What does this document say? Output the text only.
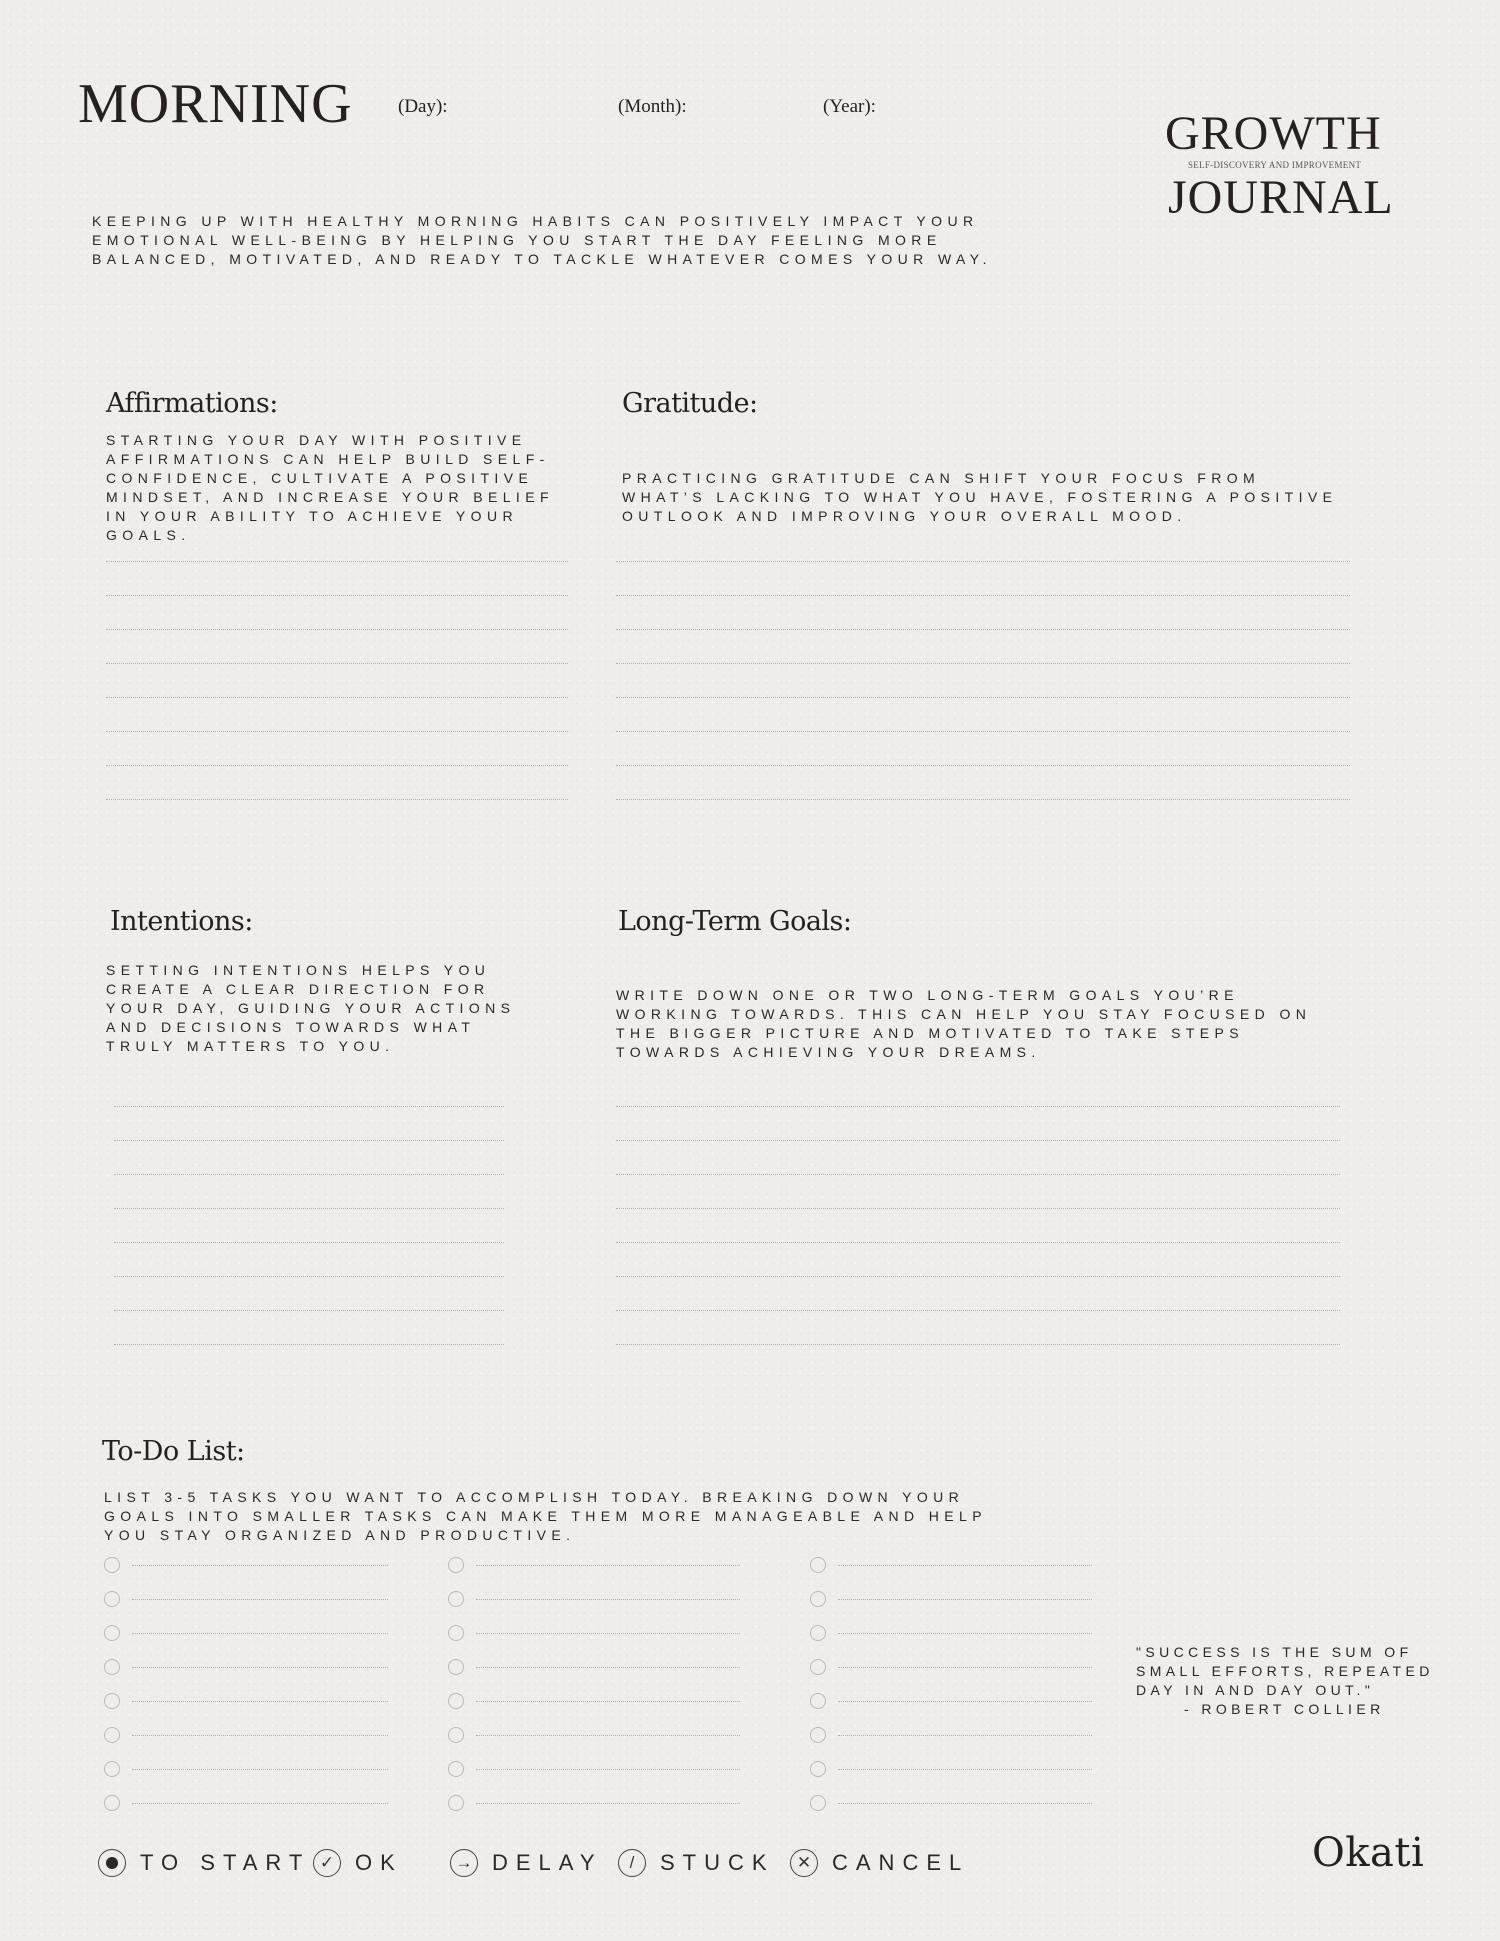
MORNING (Day):	(Month):	(Year):
GROWTH
SELF-DISCOVERY AND IMPROVEMENT
JOURNAL
KEEPING UP WITH HEALTHY MORNING HABITS CAN POSITIVELY IMPACT YOUR EMOTIONAL WELL-BEING BY HELPING YOU START THE DAY FEELING MORE BALANCED, MOTIVATED, AND READY TO TACKLE WHATEVER COMES YOUR WAY.
Affirmations:
STARTING YOUR DAY WITH POSITIVE AFFIRMATIONS CAN HELP BUILD SELF-CONFIDENCE, CULTIVATE A POSITIVE MINDSET, AND INCREASE YOUR BELIEF IN YOUR ABILITY TO ACHIEVE YOUR GOALS.
Gratitude:
PRACTICING GRATITUDE CAN SHIFT YOUR FOCUS FROM WHAT’S LACKING TO WHAT YOU HAVE, FOSTERING A POSITIVE OUTLOOK AND IMPROVING YOUR OVERALL MOOD.
Intentions:
SETTING INTENTIONS HELPS YOU CREATE A CLEAR DIRECTION FOR YOUR DAY, GUIDING YOUR ACTIONS AND DECISIONS TOWARDS WHAT TRULY MATTERS TO YOU.
Long-Term Goals:
WRITE DOWN ONE OR TWO LONG-TERM GOALS YOU’RE WORKING TOWARDS. THIS CAN HELP YOU STAY FOCUSED ON THE BIGGER PICTURE AND MOTIVATED TO TAKE STEPS TOWARDS ACHIEVING YOUR DREAMS.
To-Do List:
LIST 3-5 TASKS YOU WANT TO ACCOMPLISH TODAY. BREAKING DOWN YOUR GOALS INTO SMALLER TASKS CAN MAKE THEM MORE MANAGEABLE AND HELP YOU STAY ORGANIZED AND PRODUCTIVE.
"SUCCESS IS THE SUM OF SMALL EFFORTS, REPEATED DAY IN AND DAY OUT."
- ROBERT COLLIER
TO START ✓ OK	→ DELAY	/	STUCK	✕ CANCEL	Okati
